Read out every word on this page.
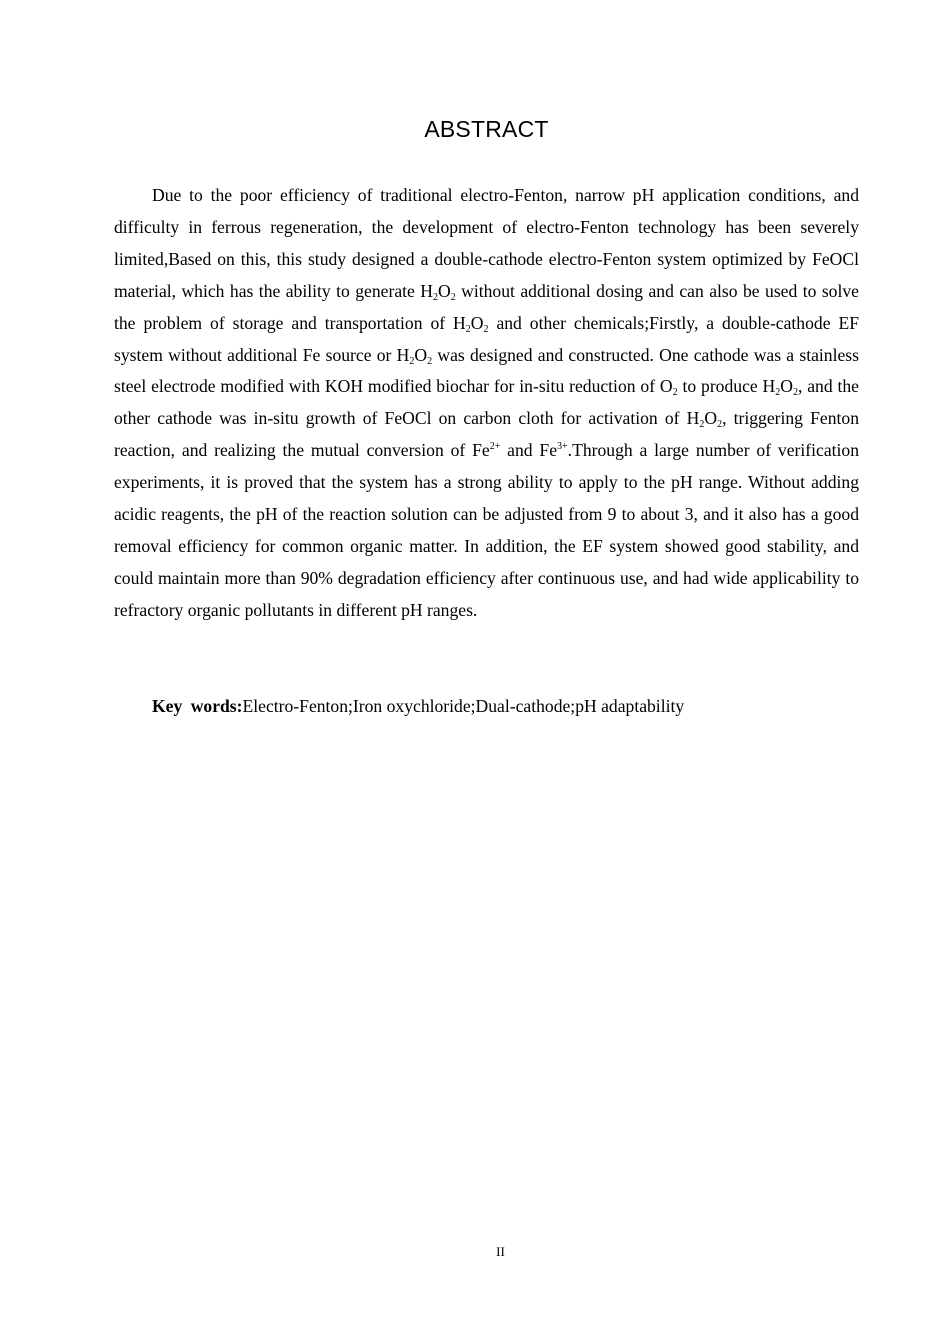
ABSTRACT

Due to the poor efficiency of traditional electro-Fenton, narrow pH application conditions, and difficulty in ferrous regeneration, the development of electro-Fenton technology has been severely limited,Based on this, this study designed a double-cathode electro-Fenton system optimized by FeOCl material, which has the ability to generate $H_2O_2$ without additional dosing and can also be used to solve the problem of storage and transportation of $H_2O_2$ and other chemicals;Firstly, a double-cathode EF system without additional Fe source or $H_2O_2$ was designed and constructed. One cathode was a stainless steel electrode modified with KOH modified biochar for in-situ reduction of $O_2$ to produce $H_2O_2$, and the other cathode was in-situ growth of FeOCl on carbon cloth for activation of $H_2O_2$, triggering Fenton reaction, and realizing the mutual conversion of $Fe^{2+}$ and $Fe^{3+}.Through$ a large number of verification experiments, it is proved that the system has a strong ability to apply to the pH range. Without adding acidic reagents, the pH of the reaction solution can be adjusted from 9 to about 3, and it also has a good removal efficiency for common organic matter. In addition, the EF system showed good stability, and could maintain more than 90% degradation efficiency after continuous use, and had wide applicability to refractory organic pollutants in different pH ranges.

Key words:Electro-Fenton;Iron oxychloride;Dual-cathode;pH adaptability

II
